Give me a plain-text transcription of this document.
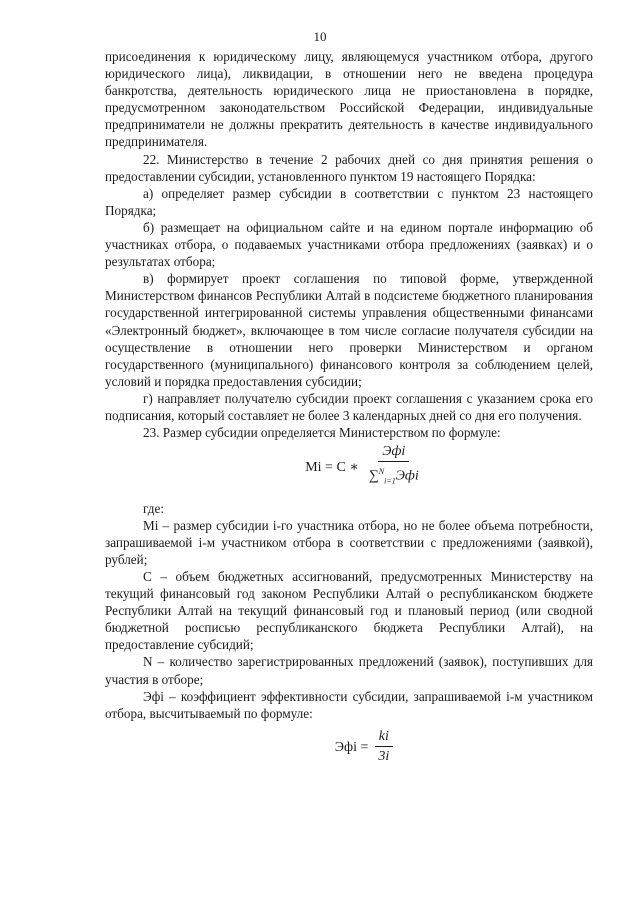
10

присоединения к юридическому лицу, являющемуся участником отбора, другого юридического лица), ликвидации, в отношении него не введена процедура банкротства, деятельность юридического лица не приостановлена в порядке, предусмотренном законодательством Российской Федерации, индивидуальные предприниматели не должны прекратить деятельность в качестве индивидуального предпринимателя.

22. Министерство в течение 2 рабочих дней со дня принятия решения о предоставлении субсидии, установленного пунктом 19 настоящего Порядка:

а) определяет размер субсидии в соответствии с пунктом 23 настоящего Порядка;

б) размещает на официальном сайте и на едином портале информацию об участниках отбора, о подаваемых участниками отбора предложениях (заявках) и о результатах отбора;

в) формирует проект соглашения по типовой форме, утвержденной Министерством финансов Республики Алтай в подсистеме бюджетного планирования государственной интегрированной системы управления общественными финансами «Электронный бюджет», включающее в том числе согласие получателя субсидии на осуществление в отношении него проверки Министерством и органом государственного (муниципального) финансового контроля за соблюдением целей, условий и порядка предоставления субсидии;

г) направляет получателю субсидии проект соглашения с указанием срока его подписания, который составляет не более 3 календарных дней со дня его получения.

23. Размер субсидии определяется Министерством по формуле:

Mi = C ∗ $\frac{\text{Эфi}}{\sum^N_{i=1}Эфi}$

где:

Mi – размер субсидии i-го участника отбора, но не более объема потребности, запрашиваемой i-м участником отбора в соответствии с предложениями (заявкой), рублей;

С – объем бюджетных ассигнований, предусмотренных Министерству на текущий финансовый год законом Республики Алтай о республиканском бюджете Республики Алтай на текущий финансовый год и плановый период (или сводной бюджетной росписью республиканского бюджета Республики Алтай), на предоставление субсидий;

N – количество зарегистрированных предложений (заявок), поступивших для участия в отборе;

Эфi – коэффициент эффективности субсидии, запрашиваемой i-м участником отбора, высчитываемый по формуле:

Эфi = $\frac{ki}{3i}$
